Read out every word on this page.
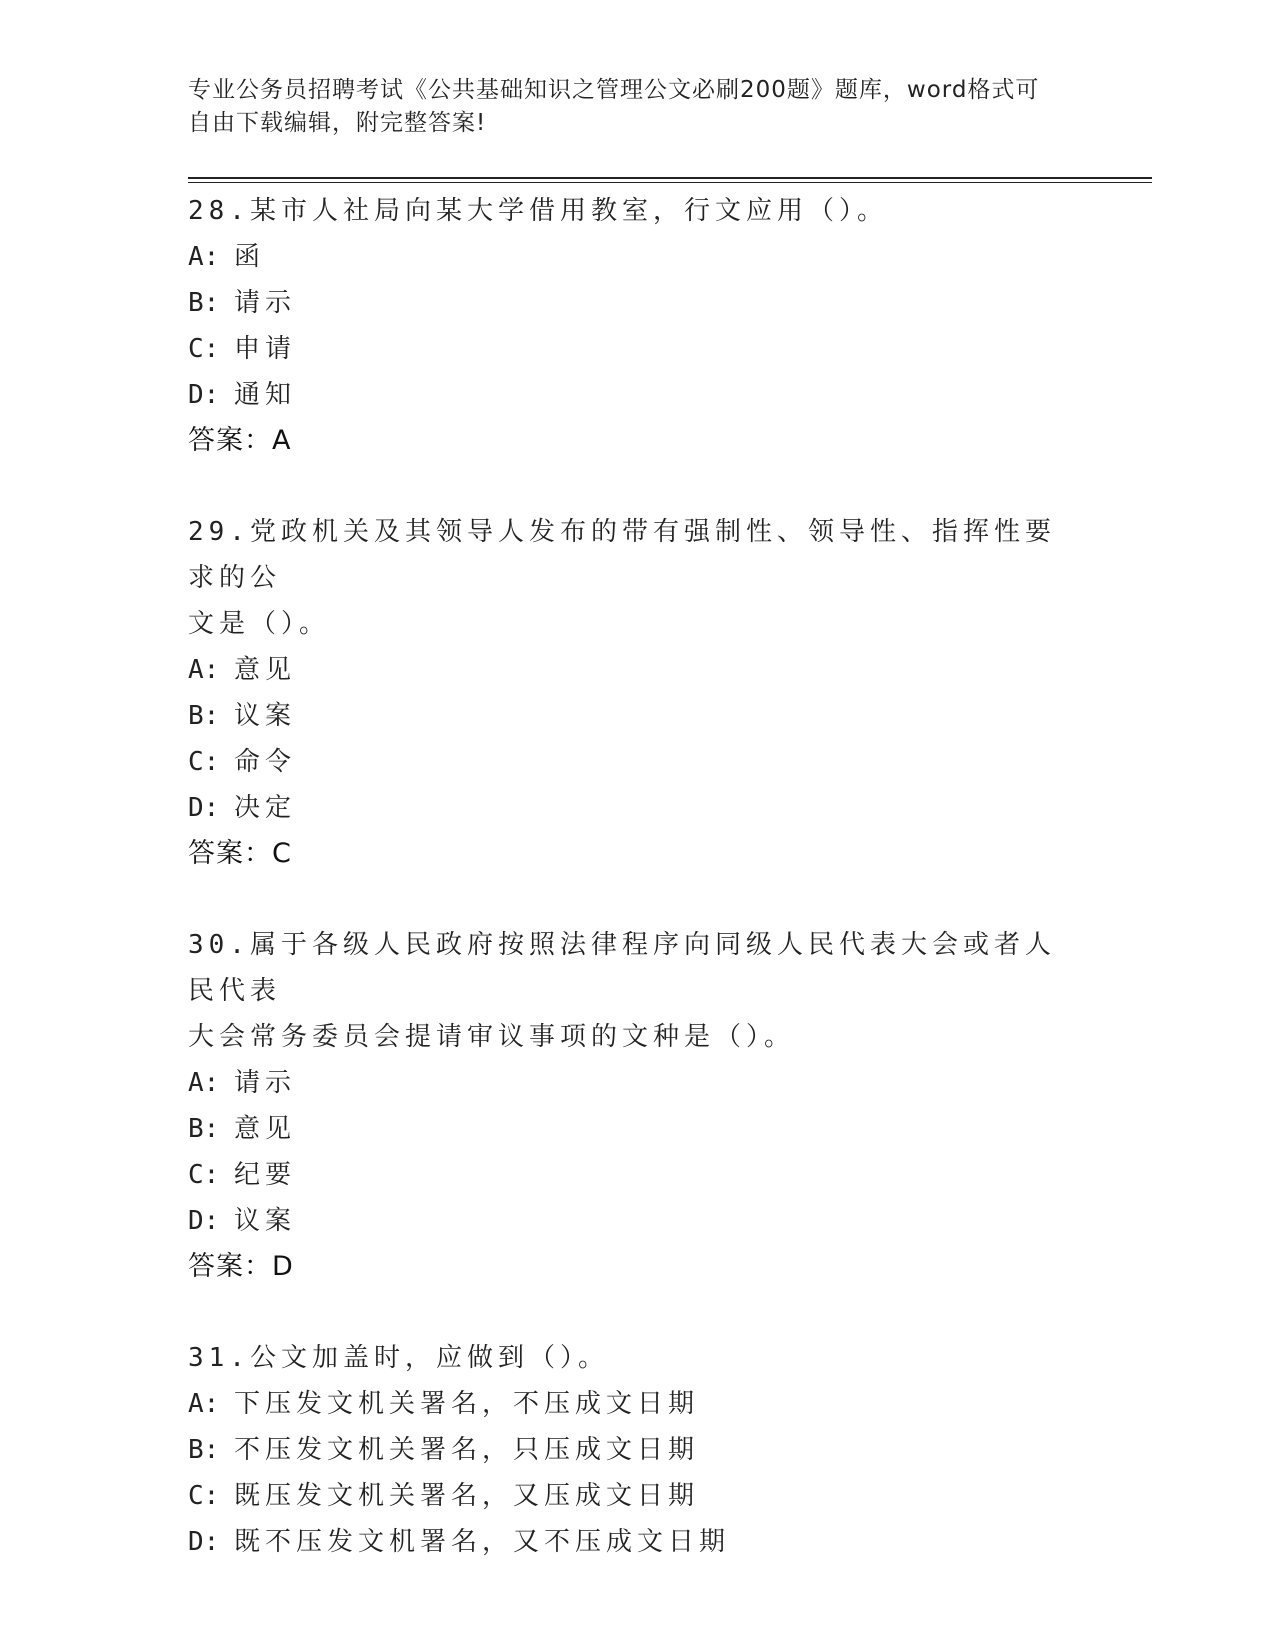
专业公务员招聘考试《公共基础知识之管理公文必刷200题》题库，word格式可
自由下载编辑，附完整答案!
28.某市人社局向某大学借用教室，行文应用（）。
A: 函
B: 请示
C: 申请
D: 通知
答案：A
29.党政机关及其领导人发布的带有强制性、领导性、指挥性要求的公
文是（）。
A: 意见
B: 议案
C: 命令
D: 决定
答案：C
30.属于各级人民政府按照法律程序向同级人民代表大会或者人民代表
大会常务委员会提请审议事项的文种是（）。
A: 请示
B: 意见
C: 纪要
D: 议案
答案：D
31.公文加盖时，应做到（）。
A: 下压发文机关署名，不压成文日期
B: 不压发文机关署名，只压成文日期
C: 既压发文机关署名，又压成文日期
D: 既不压发文机署名，又不压成文日期
